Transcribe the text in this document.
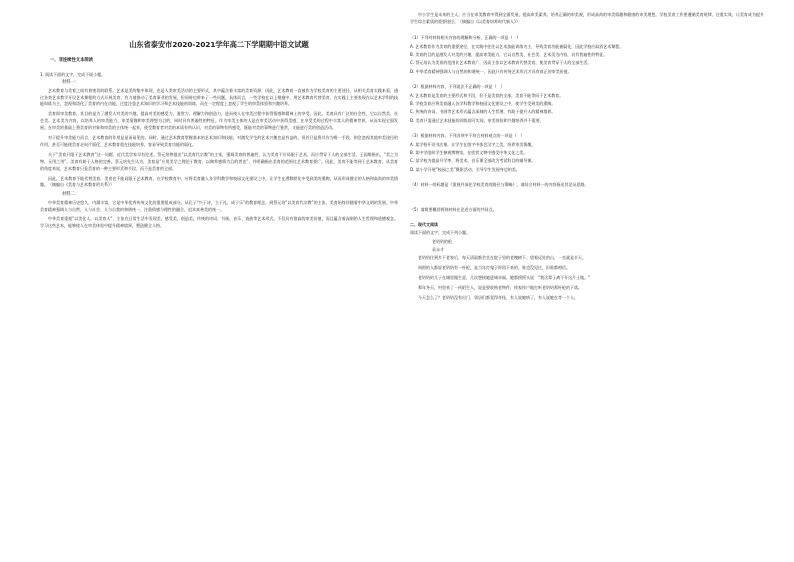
山东省泰安市2020-2021学年高二下学期期中语文试题
一、非连续性文本阅读
1. 阅读下面的文字，完成下面小题。
材料一：

艺术教育与美育之间有着密切的联系。艺术是美的集中体现，也是人类审美活动的主要形式，其中蕴含着丰富的美育资源，因此，艺术教育一直被作为学校美育的主要途径，从相关美育实践来看，通过各类艺术教学开设艺术课程的方式开展美育，有力地推动了美育事业的发展，但同时也带来了一些问题，具体而言，一些学校在以上措施中，用艺术教育代替美育，在实践上主要表现在以艺术学科的技能训练为主，忽视和淡化了美育的内在功能，过度注重艺术知识的学习和艺术技能的训练，而在一定程度上忽视了学生的审美体验和兴趣培养。

美育即审美教育，其目的是为了激发人对美的兴趣，提高对美的感受力、鉴赏力、理解力和创造力，进而使人在审美过程中获得情感和精神上的享受。因此，美育具有广泛的社会性，它以自然美、社会美、艺术美为内容，以培养人的审美能力、审美情趣和审美理想为目的，同时具有普遍性的特征。作为审美主体的人是在审美活动中获得美感，在享受美的过程中丰富人的精神世界，从而实现全面发展。在审美的基础上将美育的对象和审美的主体统一起来，使受教育者对美的本质有所认识，对美的事物有所感受，既能对美的事物进行鉴赏，又能进行美的创造活动。

对于提升审美能力而言，艺术教育的作用是显而易见的。同时，通过艺术教育掌握基本的艺术知识和技能，对激发学生的艺术兴趣也是有益的。但若只是将其作为唯一手段，则会忽视其他审美途径的作用，甚至可能使美育走向片面化。艺术教育重在技能培养，容易导致美育功能的弱化。

关于“美育只限于艺术教育”这一问题，近代美学家早有论述。蔡元培曾提出“以美育代宗教”的主张，强调美育的普遍性，认为美育不应局限于艺术，而应贯穿于人的全部生活。王国维指出，“美之为物，无用之用”，美育有助于人格的完善。蔡元培先生认为，美育是“应用美学之理论于教育，以陶养感情为目的者也”，并明确指出美育的范围比艺术教育要广。因此，美育不能等同于艺术教育。从美育的角度来说，艺术教育只是美育的一种主要形式和手段，而不是美育的全部。

因此，艺术教育不能代替美育，美育也不能局限于艺术教育。在学校教育中，应将美育融入各学科教学和校园文化建设之中，让学生在潜移默化中受到美的熏陶，从而形成健全的人格和高尚的审美情趣。（摘编自《美育与艺术教育的关系》）

材料二：

中华美育精神历史悠久，内涵丰富，它是中华优秀传统文化的重要组成部分。从孔子“兴于诗，立于礼，成于乐”的教育理念，到蔡元培“以美育代宗教”的主张，美育始终伴随着中华文明的发展。中华美育精神强调人与自然、人与社会、人与自我的和谐统一，注重情感与理性的融合，追求真善美的统一。

中华美育重视“以美化人、以美育人”，主张在日常生活中发现美、感受美、创造美。传统的诗词、书画、音乐、戏曲等艺术形式，不仅具有很高的审美价值，而且蕴含着深刻的人生哲理和道德观念。学习这些艺术，能够使人在审美体验中提升精神境界，塑造健全人格。

中小学生是未来的主人，应当在审美教育中得到全面发展，提高审美素养，培养正确的审美观，形成高尚的审美情趣和健康的审美理想。学校美育工作要遵循美育规律，注重实效，让美育成为提升学生综合素质的重要途径。（摘编自《以美育培养时代新人》）

（1）下列对材料相关内容的理解和分析，正确的一项是（　）
A. 艺术教育作为美育的重要途径，在实践中往往以艺术技能训练为主，导致美育功能被弱化，因此学校应取消艺术课程。
B. 美育的目的是激发人对美的兴趣，提高审美能力，它以自然美、社会美、艺术美为内容，具有普遍性的特征。
C. 蔡元培认为美育的范围比艺术教育广，因而主张以艺术教育代替美育，使美育贯穿于人的全部生活。
D. 中华美育精神强调人与自然的和谐统一，因此只有传统艺术形式才具有真正的审美价值。
（2）根据材料内容，下列说法不正确的一项是（　）
A. 艺术教育是美育的主要形式和手段，但不是美育的全部，美育不能等同于艺术教育。
B. 学校美育应将美育融入各学科教学和校园文化建设之中，使学生受到美的熏陶。
C. 传统的诗词、书画等艺术形式蕴含深刻的人生哲理，有助于提升人的精神境界。
D. 美育只需通过艺术技能的训练即可实现，审美体验和兴趣培养并不重要。
（3）根据材料内容，下列各项中不符合材料观点的一项是（　）
A. 某学校开设书法课，让学生在练字中体会汉字之美，培养审美情趣。
B. 某中学组织学生参观博物馆，在欣赏文物中感受中华文化之美。
C. 某学校为提高升学率，将美术、音乐课全部改为考试科目的辅导课。
D. 某小学开展“校园之美”摄影活动，引导学生发现身边的美。
（4）材料一的标题是《重视并深化学校美育的路径与策略》，请结合材料一的内容指出其论证思路。
（5）请简要概括两则材料在论述方面的共同点。
二、现代文阅读
阅读下面的文字，完成下列小题。
老奶奶的枪
袁永才

老奶奶住到乡下老家后，每天清晨都会坐在院子里的老槐树下，望着远处的山，一坐就是半天。

周围的人都说老奶奶有一杆枪，是当年打鬼子时留下来的，谁也没见过，但谁都相信。

老奶奶的儿子在城里做生意，几次想接她进城享福，她都摇摇头说：“我这辈子离不开这片土地。”

那年冬天，村里来了一伙陌生人，说是要收购老物件，挨家挨户地打听老奶奶那杆枪的下落。

今天怎么了？老奶奶没有出门，邻居们都觉得奇怪，有人说她病了，有人说她在等一个人。
